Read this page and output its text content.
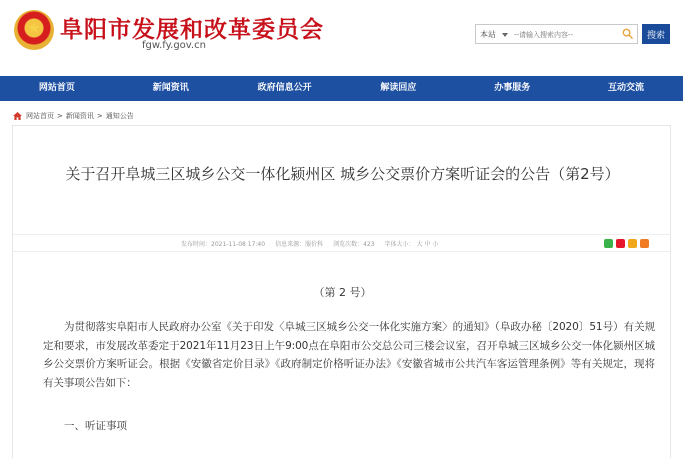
阜阳市发展和改革委员会
fgw.fy.gov.cn
本站
--请输入搜索内容--	搜索
网站首页	新闻资讯	政府信息公开	解读回应	办事服务	互动交流
网站首页 > 新闻资讯 > 通知公告
关于召开阜城三区城乡公交一体化颍州区 城乡公交票价方案听证会的公告（第2号）
发布时间：2021-11-08 17:40 信息来源：服价科 浏览次数：423 字体大小： 大 中 小
（第 2 号）

为贯彻落实阜阳市人民政府办公室《关于印发〈阜城三区城乡公交一体化实施方案〉的通知》（阜政办秘〔2020〕51号）有关规定和要求，市发展改革委定于2021年11月23日上午9:00点在阜阳市公交总公司三楼会议室，召开阜城三区城乡公交一体化颍州区城乡公交票价方案听证会。根据《安徽省定价目录》《政府制定价格听证办法》《安徽省城市公共汽车客运管理条例》等有关规定，现将有关事项公告如下：

一、听证事项
